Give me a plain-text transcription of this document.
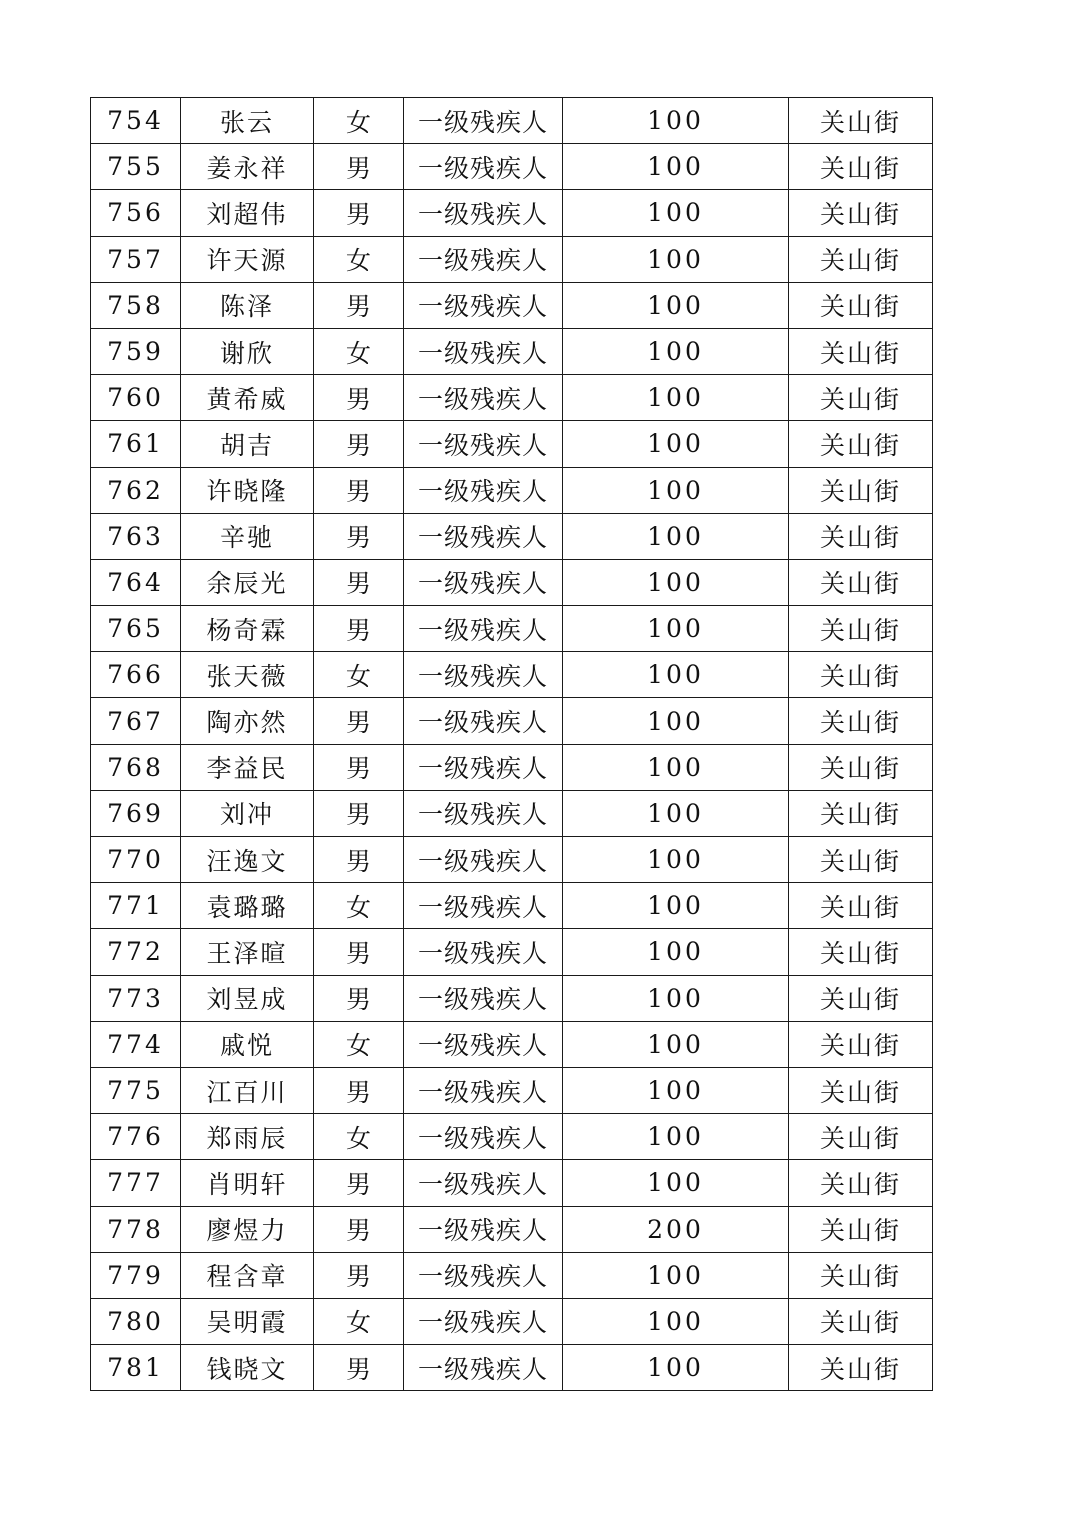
754	张云	女	一级残疾人	100	关山街
755	姜永祥	男	一级残疾人	100	关山街
756	刘超伟	男	一级残疾人	100	关山街
757	许天源	女	一级残疾人	100	关山街
758	陈泽	男	一级残疾人	100	关山街
759	谢欣	女	一级残疾人	100	关山街
760	黄希威	男	一级残疾人	100	关山街
761	胡吉	男	一级残疾人	100	关山街
762	许晓隆	男	一级残疾人	100	关山街
763	辛驰	男	一级残疾人	100	关山街
764	余辰光	男	一级残疾人	100	关山街
765	杨奇霖	男	一级残疾人	100	关山街
766	张天薇	女	一级残疾人	100	关山街
767	陶亦然	男	一级残疾人	100	关山街
768	李益民	男	一级残疾人	100	关山街
769	刘冲	男	一级残疾人	100	关山街
770	汪逸文	男	一级残疾人	100	关山街
771	袁璐璐	女	一级残疾人	100	关山街
772	王泽暄	男	一级残疾人	100	关山街
773	刘昱成	男	一级残疾人	100	关山街
774	戚悦	女	一级残疾人	100	关山街
775	江百川	男	一级残疾人	100	关山街
776	郑雨辰	女	一级残疾人	100	关山街
777	肖明轩	男	一级残疾人	100	关山街
778	廖煜力	男	一级残疾人	200	关山街
779	程含章	男	一级残疾人	100	关山街
780	吴明霞	女	一级残疾人	100	关山街
781	钱晓文	男	一级残疾人	100	关山街
